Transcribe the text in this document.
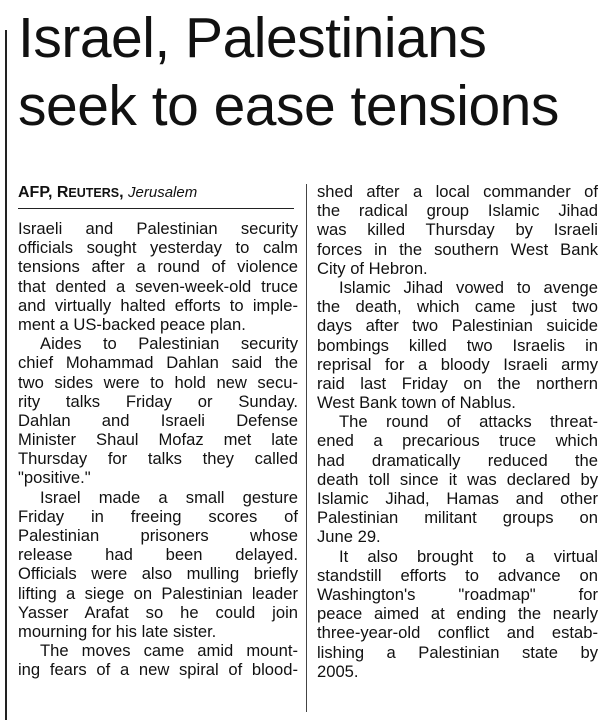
Israel, Palestinians
seek to ease tensions
AFP, REUTERS, Jerusalem
Israeli and Palestinian security
officials sought yesterday to calm
tensions after a round of violence
that dented a seven-week-old truce
and virtually halted efforts to imple-
ment a US-backed peace plan.
Aides to Palestinian security
chief Mohammad Dahlan said the
two sides were to hold new secu-
rity talks Friday or Sunday.
Dahlan and Israeli Defense
Minister Shaul Mofaz met late
Thursday for talks they called
"positive."
Israel made a small gesture
Friday in freeing scores of
Palestinian prisoners whose
release had been delayed.
Officials were also mulling briefly
lifting a siege on Palestinian leader
Yasser Arafat so he could join
mourning for his late sister.
The moves came amid mount-
ing fears of a new spiral of blood-
shed after a local commander of
the radical group Islamic Jihad
was killed Thursday by Israeli
forces in the southern West Bank
City of Hebron.
Islamic Jihad vowed to avenge
the death, which came just two
days after two Palestinian suicide
bombings killed two Israelis in
reprisal for a bloody Israeli army
raid last Friday on the northern
West Bank town of Nablus.
The round of attacks threat-
ened a precarious truce which
had dramatically reduced the
death toll since it was declared by
Islamic Jihad, Hamas and other
Palestinian militant groups on
June 29.
It also brought to a virtual
standstill efforts to advance on
Washington's "roadmap" for
peace aimed at ending the nearly
three-year-old conflict and estab-
lishing a Palestinian state by
2005.
